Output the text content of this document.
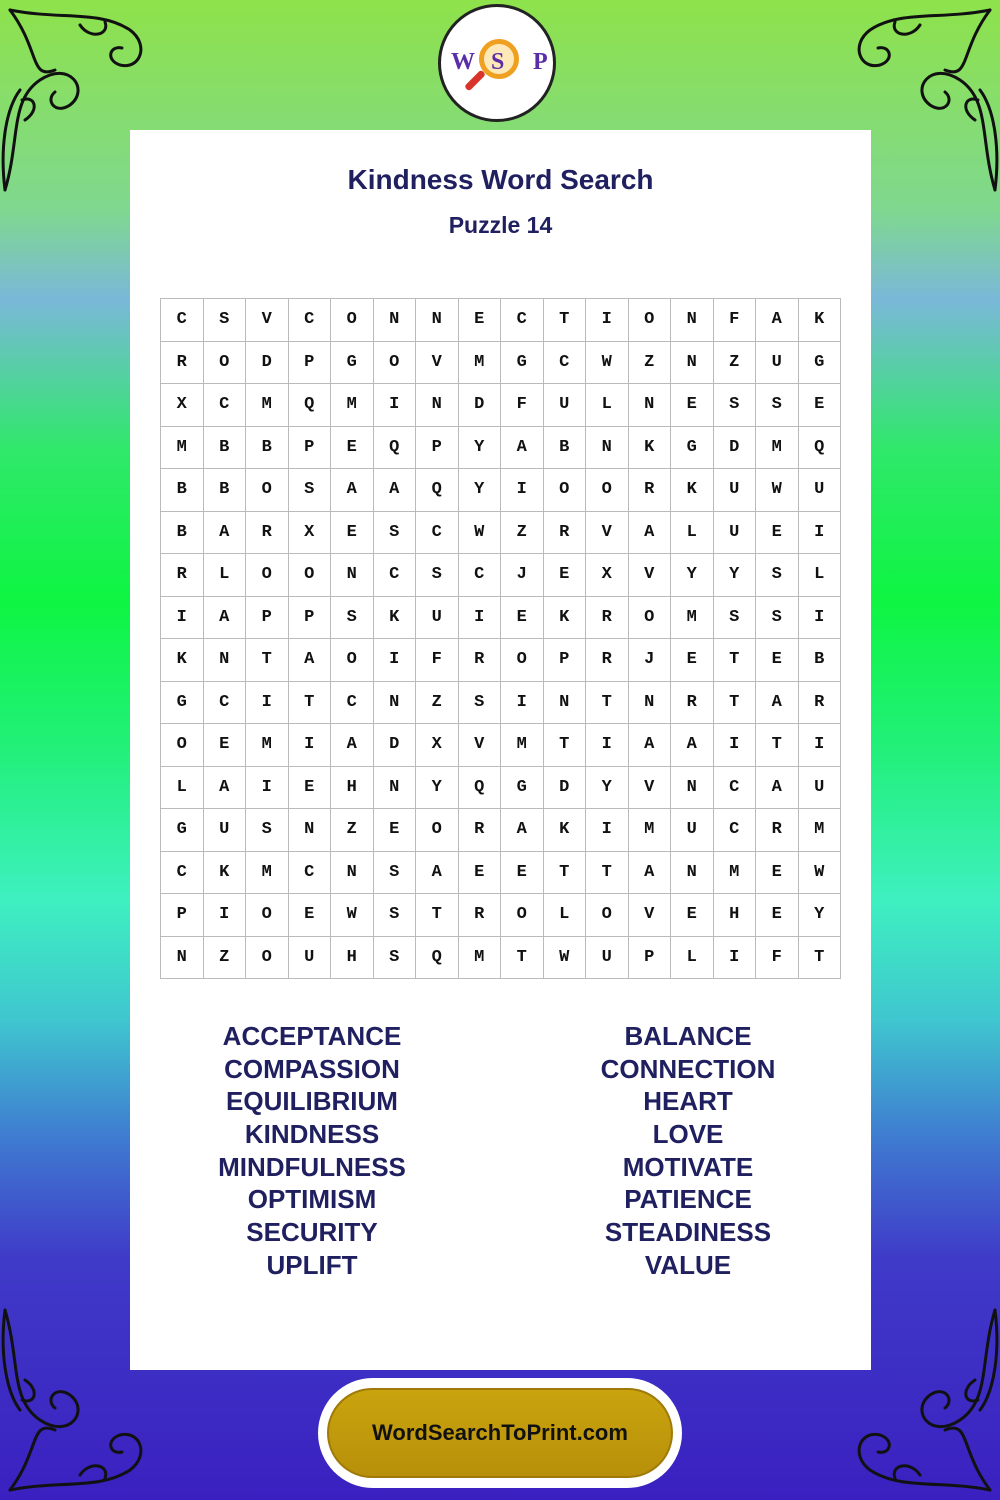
W S P
Kindness Word Search
Puzzle 14
C	S	V	C	O	N	N	E	C	T	I	O	N	F	A	K
R	O	D	P	G	O	V	M	G	C	W	Z	N	Z	U	G
X	C	M	Q	M	I	N	D	F	U	L	N	E	S	S	E
M	B	B	P	E	Q	P	Y	A	B	N	K	G	D	M	Q
B	B	O	S	A	A	Q	Y	I	O	O	R	K	U	W	U
B	A	R	X	E	S	C	W	Z	R	V	A	L	U	E	I
R	L	O	O	N	C	S	C	J	E	X	V	Y	Y	S	L
I	A	P	P	S	K	U	I	E	K	R	O	M	S	S	I
K	N	T	A	O	I	F	R	O	P	R	J	E	T	E	B
G	C	I	T	C	N	Z	S	I	N	T	N	R	T	A	R
O	E	M	I	A	D	X	V	M	T	I	A	A	I	T	I
L	A	I	E	H	N	Y	Q	G	D	Y	V	N	C	A	U
G	U	S	N	Z	E	O	R	A	K	I	M	U	C	R	M
C	K	M	C	N	S	A	E	E	T	T	A	N	M	E	W
P	I	O	E	W	S	T	R	O	L	O	V	E	H	E	Y
N	Z	O	U	H	S	Q	M	T	W	U	P	L	I	F	T
ACCEPTANCE
COMPASSION
EQUILIBRIUM
KINDNESS
MINDFULNESS
OPTIMISM
SECURITY
UPLIFT
BALANCE
CONNECTION
HEART
LOVE
MOTIVATE
PATIENCE
STEADINESS
VALUE
WordSearchToPrint.com
